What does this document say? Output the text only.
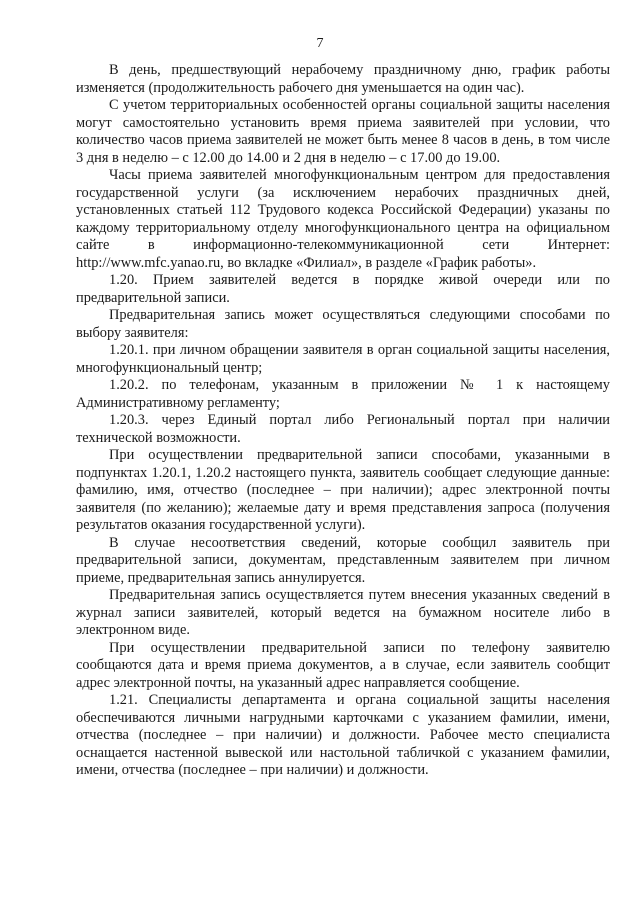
7

В день, предшествующий нерабочему праздничному дню, график работы изменяется (продолжительность рабочего дня уменьшается на один час).

С учетом территориальных особенностей органы социальной защиты населения могут самостоятельно установить время приема заявителей при условии, что количество часов приема заявителей не может быть менее 8 часов в день, в том числе 3 дня в неделю – с 12.00 до 14.00 и 2 дня в неделю – с 17.00 до 19.00.

Часы приема заявителей многофункциональным центром для предоставления государственной услуги (за исключением нерабочих праздничных дней, установленных статьей 112 Трудового кодекса Российской Федерации) указаны по каждому территориальному отделу многофункционального центра на официальном сайте в информационно-телекоммуникационной сети Интернет: http://www.mfc.yanao.ru, во вкладке «Филиал», в разделе «График работы».

1.20. Прием заявителей ведется в порядке живой очереди или по предварительной записи.

Предварительная запись может осуществляться следующими способами по выбору заявителя:

1.20.1. при личном обращении заявителя в орган социальной защиты населения, многофункциональный центр;

1.20.2. по телефонам, указанным в приложении № 1 к настоящему Административному регламенту;

1.20.3. через Единый портал либо Региональный портал при наличии технической возможности.

При осуществлении предварительной записи способами, указанными в подпунктах 1.20.1, 1.20.2 настоящего пункта, заявитель сообщает следующие данные: фамилию, имя, отчество (последнее – при наличии); адрес электронной почты заявителя (по желанию); желаемые дату и время представления запроса (получения результатов оказания государственной услуги).

В случае несоответствия сведений, которые сообщил заявитель при предварительной записи, документам, представленным заявителем при личном приеме, предварительная запись аннулируется.

Предварительная запись осуществляется путем внесения указанных сведений в журнал записи заявителей, который ведется на бумажном носителе либо в электронном виде.

При осуществлении предварительной записи по телефону заявителю сообщаются дата и время приема документов, а в случае, если заявитель сообщит адрес электронной почты, на указанный адрес направляется сообщение.

1.21. Специалисты департамента и органа социальной защиты населения обеспечиваются личными нагрудными карточками с указанием фамилии, имени, отчества (последнее – при наличии) и должности. Рабочее место специалиста оснащается настенной вывеской или настольной табличкой с указанием фамилии, имени, отчества (последнее – при наличии) и должности.
